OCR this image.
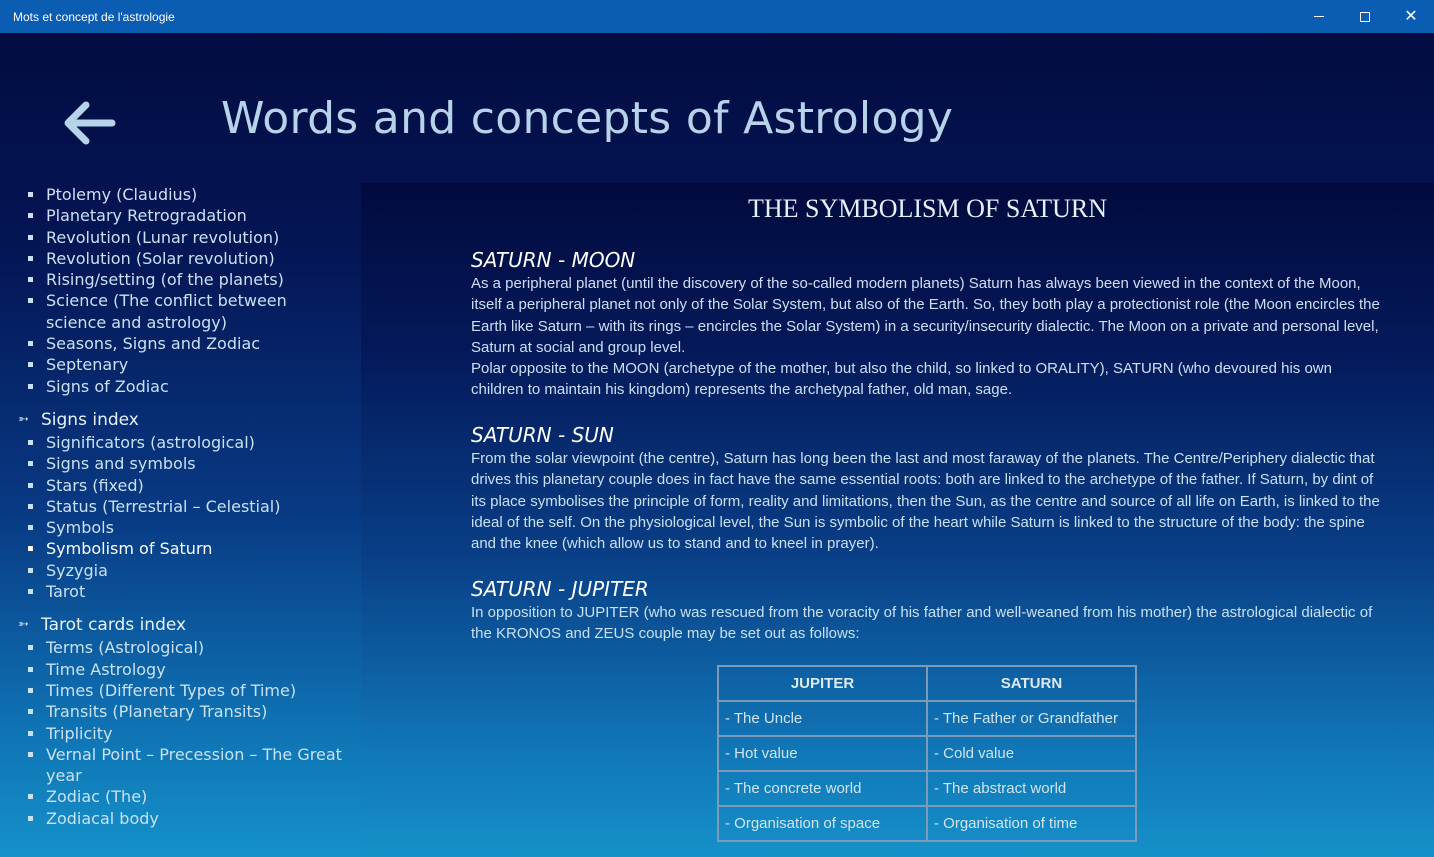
Mots et concept de l'astrologie	✕
Words and concepts of Astrology
Ptolemy (Claudius)
Planetary Retrogradation
Revolution (Lunar revolution)
Revolution (Solar revolution)
Rising/setting (of the planets)
Science (The conflict between science and astrology)
Seasons, Signs and Zodiac
Septenary
Signs of Zodiac
➳ Signs index
Significators (astrological)
Signs and symbols
Stars (fixed)
Status (Terrestrial – Celestial)
Symbols
Symbolism of Saturn
Syzygia
Tarot
➳ Tarot cards index
Terms (Astrological)
Time Astrology
Times (Different Types of Time)
Transits (Planetary Transits)
Triplicity
Vernal Point – Precession – The Great year
Zodiac (The)
Zodiacal body
THE SYMBOLISM OF SATURN
SATURN - MOON

As a peripheral planet (until the discovery of the so-called modern planets) Saturn has always been viewed in the context of the Moon, itself a peripheral planet not only of the Solar System, but also of the Earth. So, they both play a protectionist role (the Moon encircles the Earth like Saturn – with its rings – encircles the Solar System) in a security/insecurity dialectic. The Moon on a private and personal level, Saturn at social and group level.

Polar opposite to the MOON (archetype of the mother, but also the child, so linked to ORALITY), SATURN (who devoured his own children to maintain his kingdom) represents the archetypal father, old man, sage.

SATURN - SUN

From the solar viewpoint (the centre), Saturn has long been the last and most faraway of the planets. The Centre/Periphery dialectic that drives this planetary couple does in fact have the same essential roots: both are linked to the archetype of the father. If Saturn, by dint of its place symbolises the principle of form, reality and limitations, then the Sun, as the centre and source of all life on Earth, is linked to the ideal of the self. On the physiological level, the Sun is symbolic of the heart while Saturn is linked to the structure of the body: the spine and the knee (which allow us to stand and to kneel in prayer).

SATURN - JUPITER

In opposition to JUPITER (who was rescued from the voracity of his father and well-weaned from his mother) the astrological dialectic of the KRONOS and ZEUS couple may be set out as follows:

JUPITER	SATURN
- The Uncle	- The Father or Grandfather
- Hot value	- Cold value
- The concrete world	- The abstract world
- Organisation of space	- Organisation of time
